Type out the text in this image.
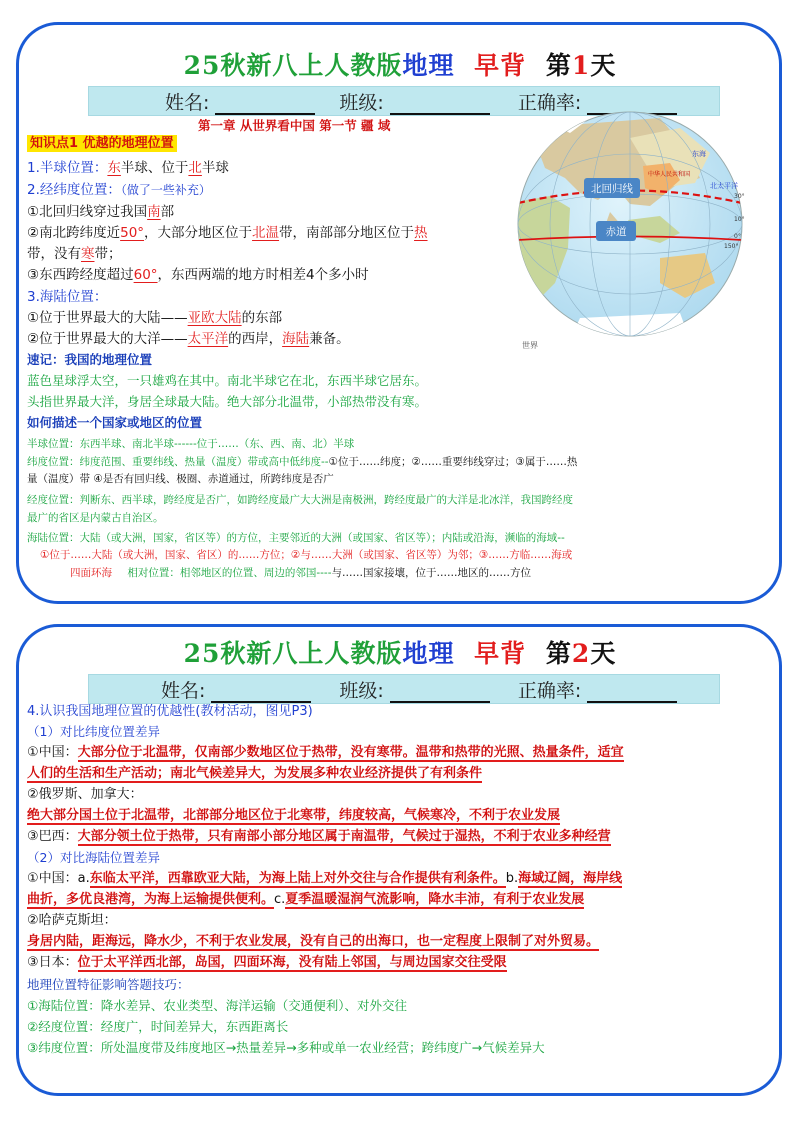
25秋新八上人教版地理 早背 第1天
姓名:	班级:	正确率:
第一章 从世界看中国 第一节 疆 域
知识点1 优越的地理位置
1.半球位置：东半球、位于北半球
2.经纬度位置：（做了一些补充）
①北回归线穿过我国南部
②南北跨纬度近50°，大部分地区位于北温带，南部部分地区位于热
带，没有寒带；
③东西跨经度超过60°，东西两端的地方时相差4个多小时
3.海陆位置：
①位于世界最大的大陆——亚欧大陆的东部
②位于世界最大的大洋——太平洋的西岸，海陆兼备。
速记：我国的地理位置
蓝色星球浮太空，一只雄鸡在其中。南北半球它在北，东西半球它居东。
头指世界最大洋，身居全球最大陆。绝大部分北温带，小部热带没有寒。
如何描述一个国家或地区的位置
半球位置：东西半球、南北半球------位于……（东、西、南、北）半球
纬度位置：纬度范围、重要纬线、热量（温度）带或高中低纬度--①位于……纬度；②……重要纬线穿过；③属于……热
量（温度）带 ④是否有回归线、极圈、赤道通过，所跨纬度是否广
经度位置：判断东、西半球，跨经度是否广，如跨经度最广大大洲是南极洲，跨经度最广的大洋是北冰洋，我国跨经度
最广的省区是内蒙古自治区。
海陆位置：大陆（或大洲，国家，省区等）的方位，主要邻近的大洲（或国家、省区等）；内陆或沿海，濒临的海域--
①位于……大陆（或大洲，国家、省区）的……方位；②与……大洲（或国家、省区等）为邻；③……方临……海或
四面环海 相对位置：相邻地区的位置、周边的邻国----与……国家接壤，位于……地区的……方位
北回归线
赤道
中华人民共和国
东海
北太平洋
30°
10°
0°
150°
世界
25秋新八上人教版地理 早背 第2天
姓名:	班级:	正确率:
4.认识我国地理位置的优越性(教材活动，图见P3)
（1）对比纬度位置差异
①中国：大部分位于北温带，仅南部少数地区位于热带，没有寒带。温带和热带的光照、热量条件，适宜
人们的生活和生产活动；南北气候差异大，为发展多种农业经济提供了有利条件
②俄罗斯、加拿大：
绝大部分国土位于北温带，北部部分地区位于北寒带，纬度较高，气候寒冷，不利于农业发展
③巴西：大部分领土位于热带，只有南部小部分地区属于南温带，气候过于湿热，不利于农业多种经营
（2）对比海陆位置差异
①中国：a.东临太平洋，西靠欧亚大陆，为海上陆上对外交往与合作提供有利条件。b.海域辽阔，海岸线
曲折，多优良港湾，为海上运输提供便利。c.夏季温暖湿润气流影响，降水丰沛，有利于农业发展
②哈萨克斯坦：
身居内陆，距海远，降水少，不利于农业发展，没有自己的出海口，也一定程度上限制了对外贸易。
③日本：位于太平洋西北部，岛国，四面环海，没有陆上邻国，与周边国家交往受限
地理位置特征影响答题技巧：
①海陆位置：降水差异、农业类型、海洋运输（交通便利）、对外交往
②经度位置：经度广，时间差异大，东西距离长
③纬度位置：所处温度带及纬度地区→热量差异→多种或单一农业经营；跨纬度广→气候差异大
